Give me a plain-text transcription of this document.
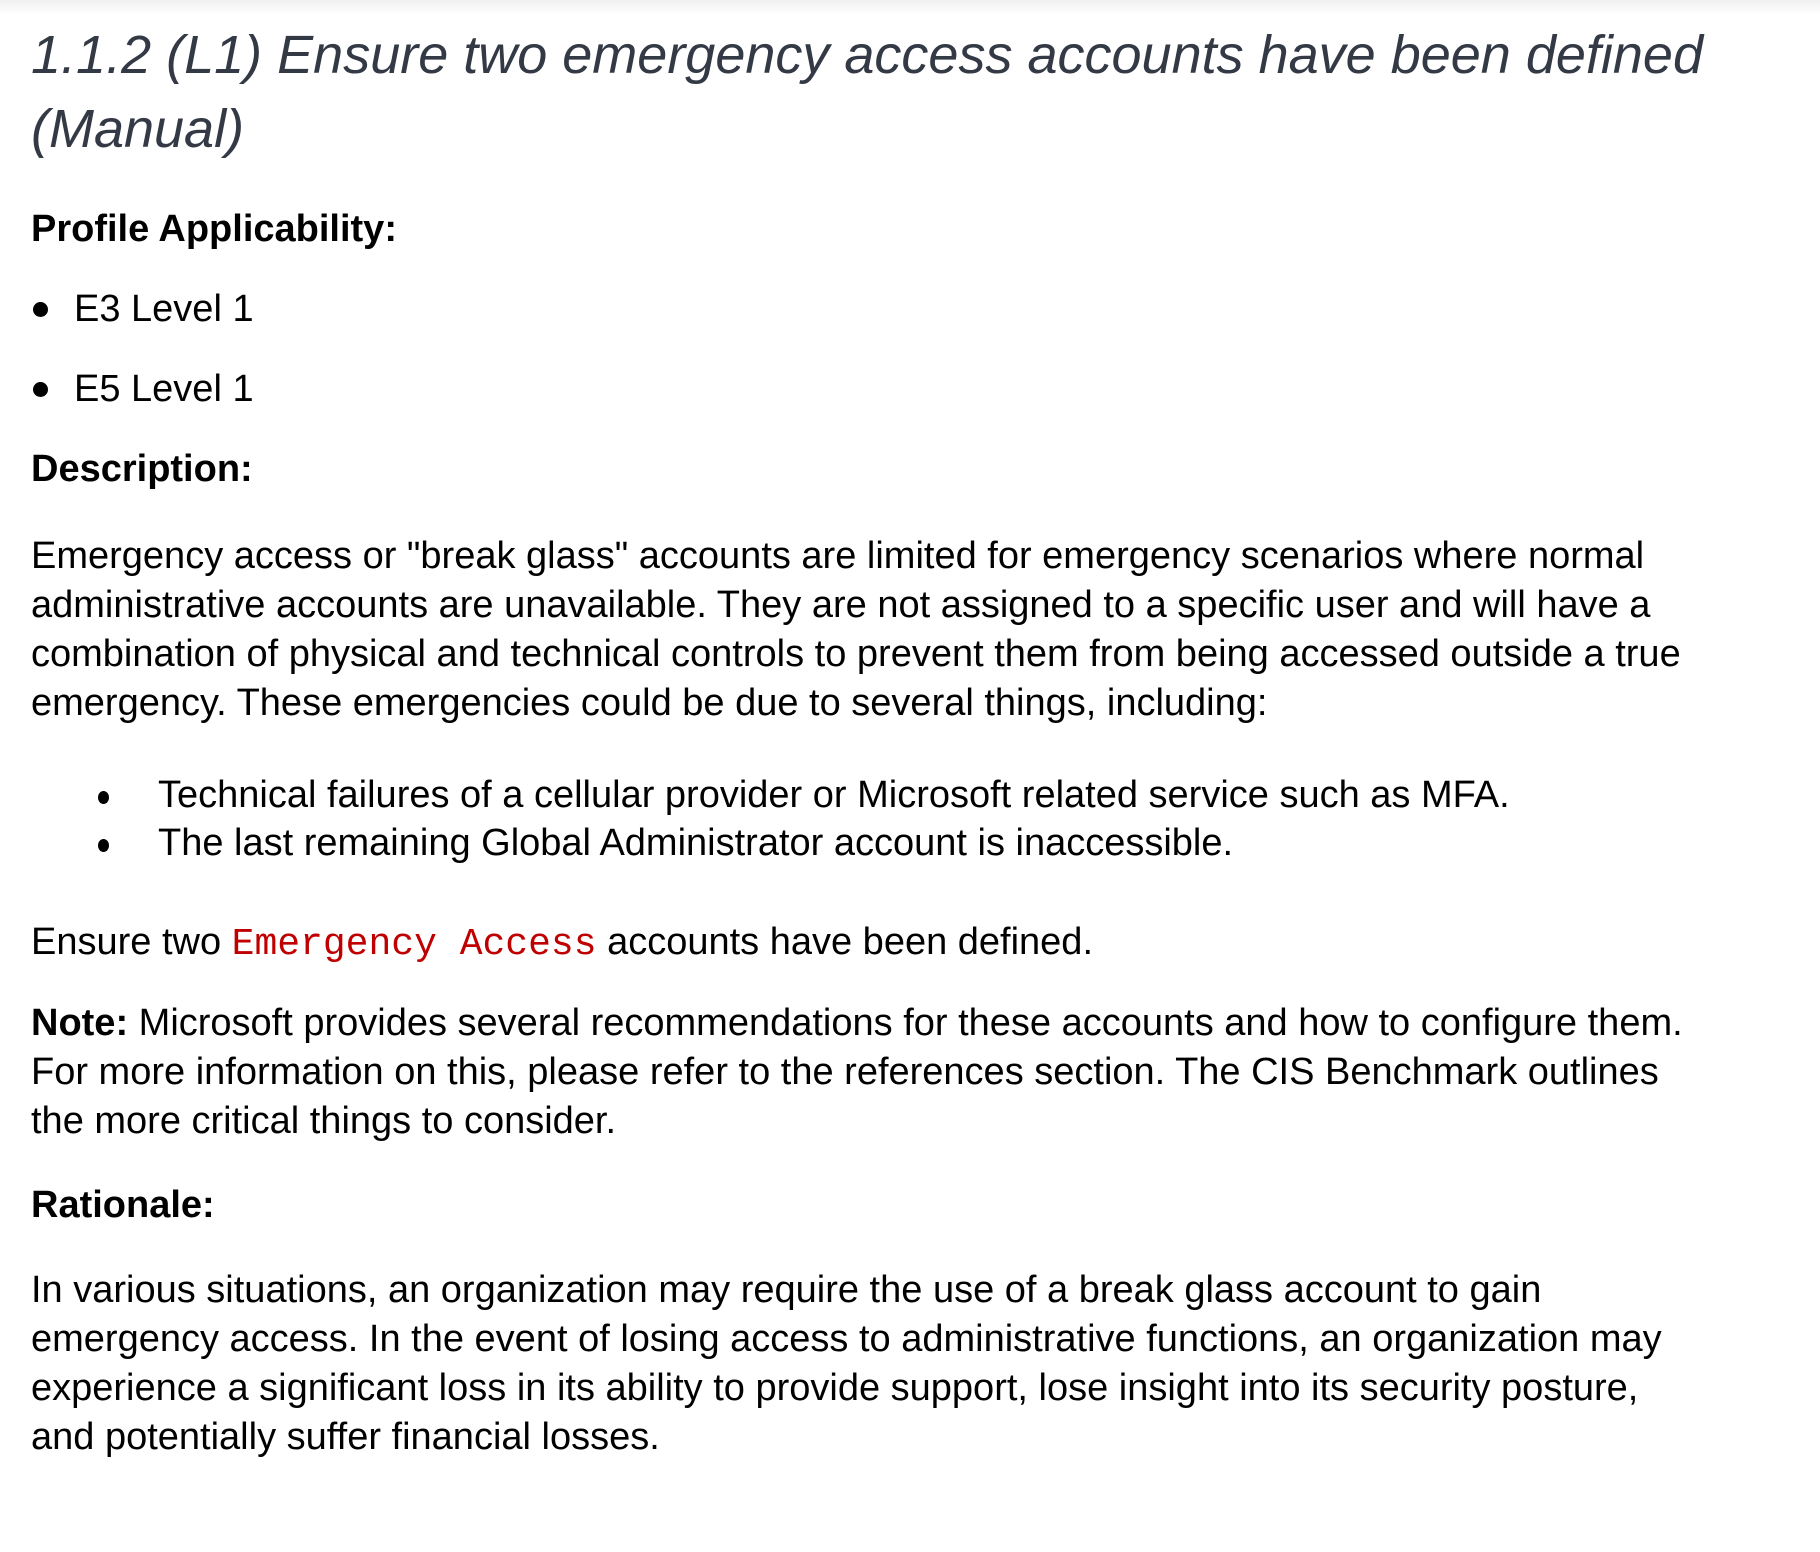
1.1.2 (L1) Ensure two emergency access accounts have been defined (Manual)
Profile Applicability:
E3 Level 1
E5 Level 1
Description:

Emergency access or "break glass" accounts are limited for emergency scenarios where normal administrative accounts are unavailable. They are not assigned to a specific user and will have a combination of physical and technical controls to prevent them from being accessed outside a true emergency. These emergencies could be due to several things, including:

Technical failures of a cellular provider or Microsoft related service such as MFA.
The last remaining Global Administrator account is inaccessible.

Ensure two Emergency Access accounts have been defined.

Note: Microsoft provides several recommendations for these accounts and how to configure them. For more information on this, please refer to the references section. The CIS Benchmark outlines the more critical things to consider.

Rationale:

In various situations, an organization may require the use of a break glass account to gain emergency access. In the event of losing access to administrative functions, an organization may experience a significant loss in its ability to provide support, lose insight into its security posture, and potentially suffer financial losses.
